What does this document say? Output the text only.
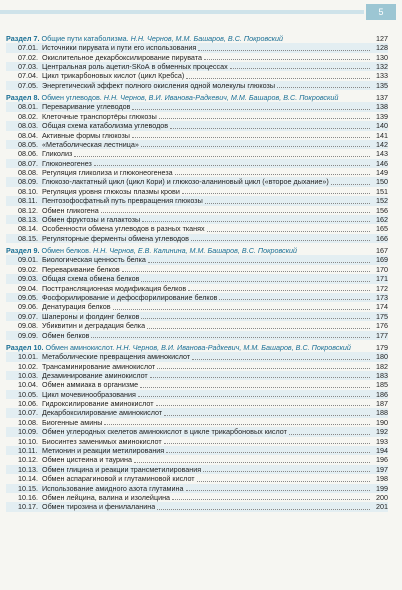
5
Раздел 7. Общие пути катаболизма. Н.Н. Чернов, М.М. Башаров, В.С. Покровский	127
07.01. Источники пирувата и пути его использования	128
07.02. Окислительное декарбоксилирование пирувата	130
07.03. Центральная роль ацетил-SКоА в обменных процессах	132
07.04. Цикл трикарбоновых кислот (цикл Кребса)	133
07.05. Энергетический эффект полного окисления одной молекулы глюкозы	135
Раздел 8. Обмен углеводов. Н.Н. Чернов, В.И. Иванова-Радкевич, М.М. Башаров, В.С. Покровский	137
08.01. Переваривание углеводов	138
08.02. Клеточные транспортёры глюкозы	139
08.03. Общая схема катаболизма углеводов	140
08.04. Активные формы глюкозы	141
08.05. «Метаболическая лестница»	142
08.06. Гликолиз	143
08.07. Глюконеогенез	146
08.08. Регуляция гликолиза и глюконеогенеза	149
08.09. Глюкозо-лактатный цикл (цикл Кори) и глюкозо-аланиновый цикл («второе дыхание»)	150
08.10. Регуляция уровня глюкозы плазмы крови	151
08.11. Пентозофосфатный путь превращения глюкозы	152
08.12. Обмен гликогена	156
08.13. Обмен фруктозы и галактозы	162
08.14. Особенности обмена углеводов в разных тканях	165
08.15. Регуляторные ферменты обмена углеводов	166
Раздел 9. Обмен белков. Н.Н. Чернов, Е.В. Калинина, М.М. Башаров, В.С. Покровский	167
09.01. Биологическая ценность белка	169
09.02. Переваривание белков	170
09.03. Общая схема обмена белков	171
09.04. Посттрансляционная модификация белков	172
09.05. Фосфорилирование и дефосфорилирование белков	173
09.06. Денатурация белков	174
09.07. Шапероны и фолдинг белков	175
09.08. Убиквитин и деградация белка	176
09.09. Обмен белков	177
Раздел 10. Обмен аминокислот. Н.Н. Чернов, В.И. Иванова-Радкевич, М.М. Башаров, В.С. Покровский	179
10.01. Метаболические превращения аминокислот	180
10.02. Трансаминирование аминокислот	182
10.03. Дезаминирование аминокислот	183
10.04. Обмен аммиака в организме	185
10.05. Цикл мочевинообразования	186
10.06. Гидроксилирование аминокислот	187
10.07. Декарбоксилирование аминокислот	188
10.08. Биогенные амины	190
10.09. Обмен углеродных скелетов аминокислот в цикле трикарбоновых кислот	192
10.10. Биосинтез заменимых аминокислот	193
10.11. Метионин и реакции метилирования	194
10.12. Обмен цистеина и таурина	196
10.13. Обмен глицина и реакции трансметилирования	197
10.14. Обмен аспарагиновой и глутаминовой кислот	198
10.15. Использование амидного азота глутамина	199
10.16. Обмен лейцина, валина и изолейцина	200
10.17. Обмен тирозина и фенилаланина	201
